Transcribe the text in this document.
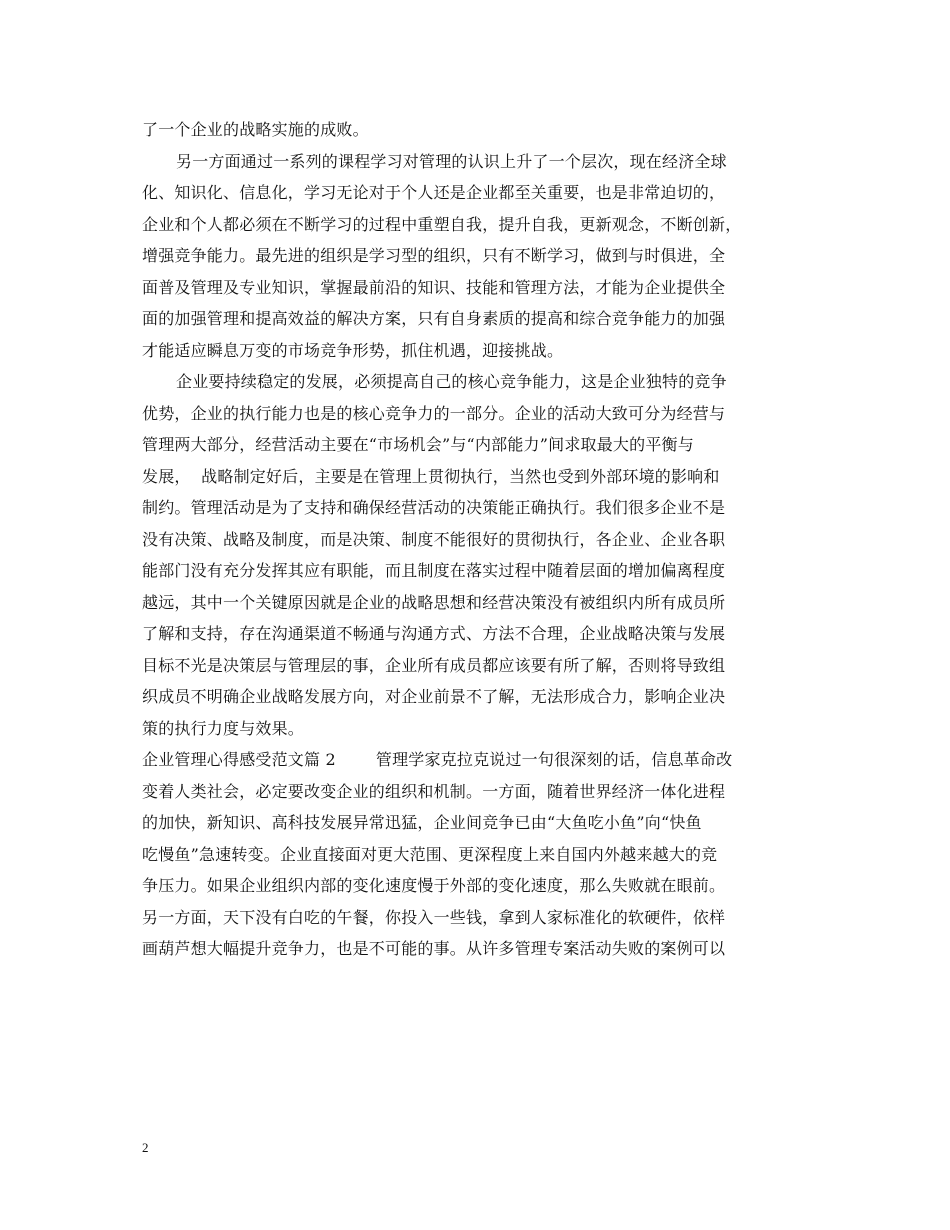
了一个企业的战略实施的成败。
另一方面通过一系列的课程学习对管理的认识上升了一个层次，现在经济全球
化、知识化、信息化，学习无论对于个人还是企业都至关重要，也是非常迫切的，
企业和个人都必须在不断学习的过程中重塑自我，提升自我，更新观念，不断创新，
增强竞争能力。最先进的组织是学习型的组织，只有不断学习，做到与时俱进，全
面普及管理及专业知识，掌握最前沿的知识、技能和管理方法，才能为企业提供全
面的加强管理和提高效益的解决方案，只有自身素质的提高和综合竞争能力的加强
才能适应瞬息万变的市场竞争形势，抓住机遇，迎接挑战。
企业要持续稳定的发展，必须提高自己的核心竞争能力，这是企业独特的竞争
优势，企业的执行能力也是的核心竞争力的一部分。企业的活动大致可分为经营与
管理两大部分，经营活动主要在“市场机会”与“内部能力”间求取最大的平衡与
发展，  战略制定好后，主要是在管理上贯彻执行，当然也受到外部环境的影响和
制约。管理活动是为了支持和确保经营活动的决策能正确执行。我们很多企业不是
没有决策、战略及制度，而是决策、制度不能很好的贯彻执行，各企业、企业各职
能部门没有充分发挥其应有职能，而且制度在落实过程中随着层面的增加偏离程度
越远，其中一个关键原因就是企业的战略思想和经营决策没有被组织内所有成员所
了解和支持，存在沟通渠道不畅通与沟通方式、方法不合理，企业战略决策与发展
目标不光是决策层与管理层的事，企业所有成员都应该要有所了解，否则将导致组
织成员不明确企业战略发展方向，对企业前景不了解，无法形成合力，影响企业决
策的执行力度与效果。
企业管理心得感受范文篇 2	管理学家克拉克说过一句很深刻的话，信息革命改
变着人类社会，必定要改变企业的组织和机制。一方面，随着世界经济一体化进程
的加快，新知识、高科技发展异常迅猛，企业间竞争已由“大鱼吃小鱼”向“快鱼
吃慢鱼”急速转变。企业直接面对更大范围、更深程度上来自国内外越来越大的竞
争压力。如果企业组织内部的变化速度慢于外部的变化速度，那么失败就在眼前。
另一方面，天下没有白吃的午餐，你投入一些钱，拿到人家标准化的软硬件，依样
画葫芦想大幅提升竞争力，也是不可能的事。从许多管理专案活动失败的案例可以
2
